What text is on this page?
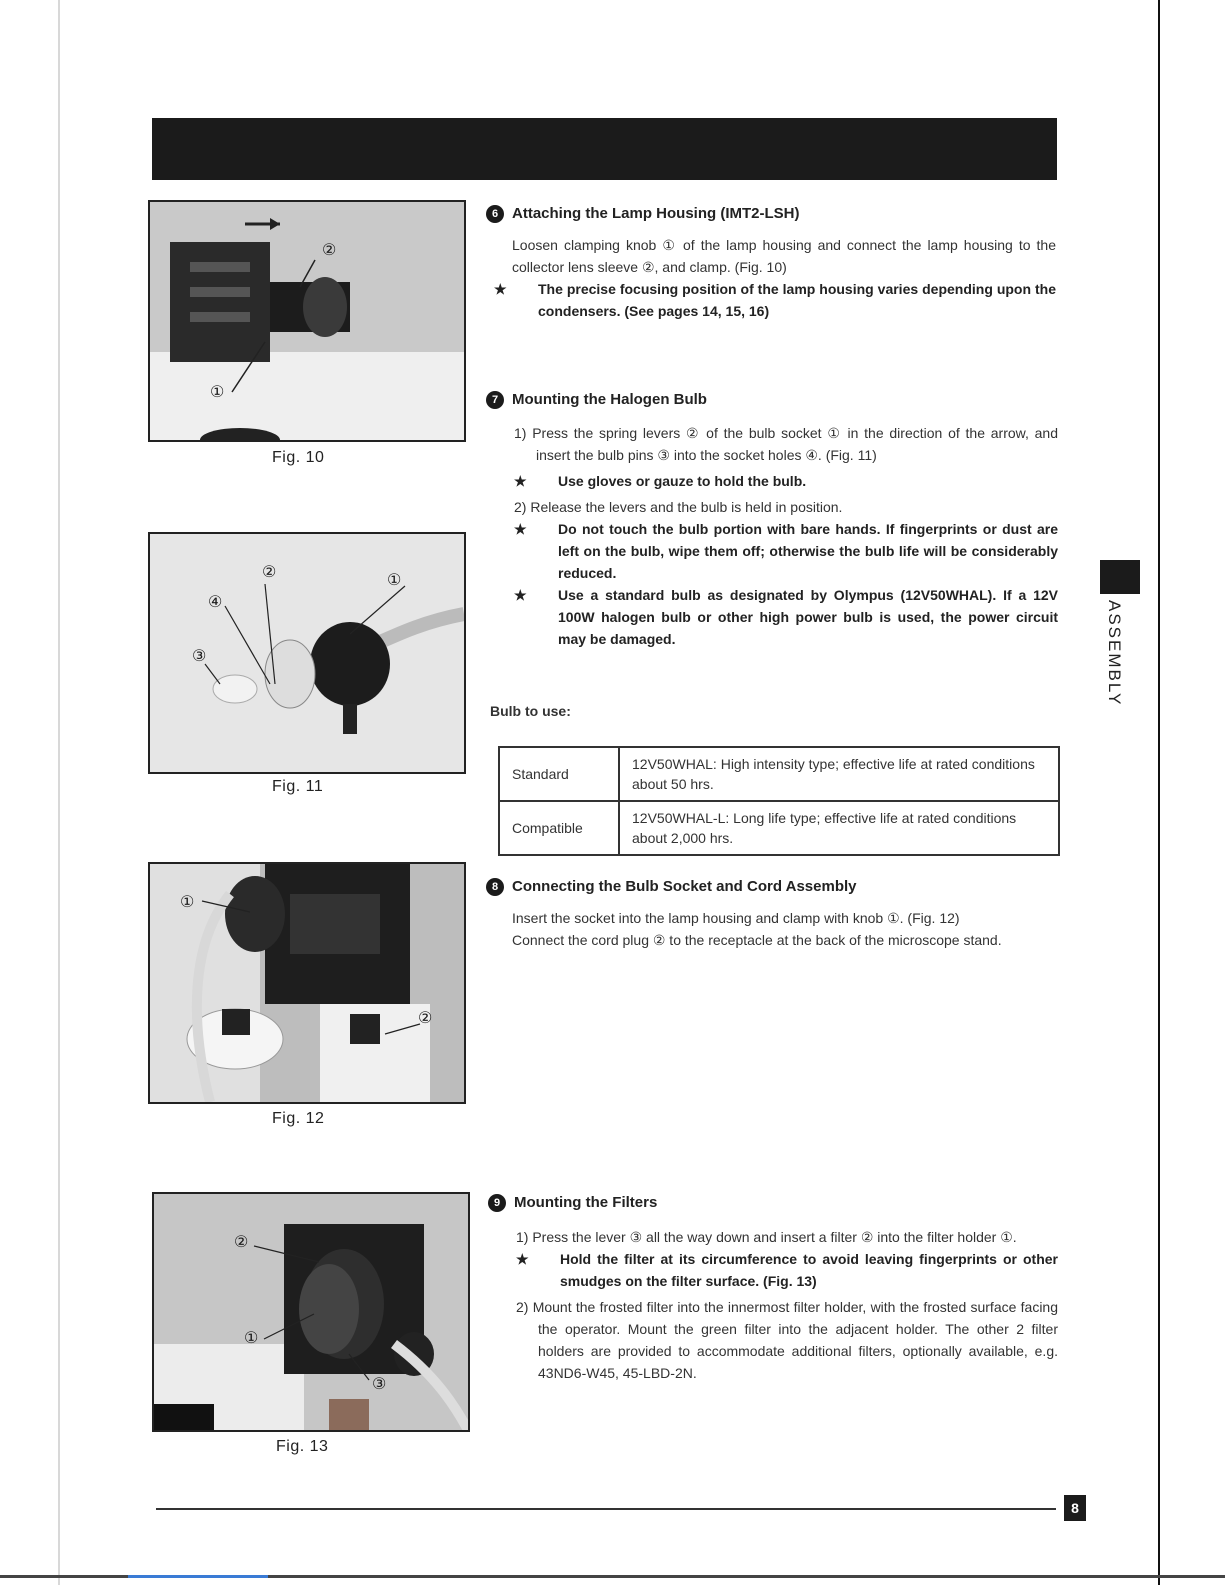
②
①
Fig. 10
②	①
④
③
Fig. 11
①
②
Fig. 12
②
①
③
Fig. 13
6 Attaching the Lamp Housing (IMT2-LSH)
Loosen clamping knob ① of the lamp housing and connect the lamp housing to the collector lens sleeve ②, and clamp. (Fig. 10)
★ The precise focusing position of the lamp housing varies depending upon the condensers. (See pages 14, 15, 16)
7 Mounting the Halogen Bulb
1) Press the spring levers ② of the bulb socket ① in the direction of the arrow, and insert the bulb pins ③ into the socket holes ④. (Fig. 11)
★ Use gloves or gauze to hold the bulb.
2) Release the levers and the bulb is held in position.
★ Do not touch the bulb portion with bare hands. If fingerprints or dust are left on the bulb, wipe them off; otherwise the bulb life will be considerably reduced.
★ Use a standard bulb as designated by Olympus (12V50WHAL). If a 12V 100W halogen bulb or other high power bulb is used, the power circuit may be damaged.
Bulb to use:
Standard	12V50WHAL: High intensity type; effective life at rated conditions about 50 hrs.
Compatible	12V50WHAL-L: Long life type; effective life at rated conditions about 2,000 hrs.
8 Connecting the Bulb Socket and Cord Assembly
Insert the socket into the lamp housing and clamp with knob ①. (Fig. 12)
Connect the cord plug ② to the receptacle at the back of the microscope stand.
9 Mounting the Filters
1) Press the lever ③ all the way down and insert a filter ② into the filter holder ①.
★ Hold the filter at its circumference to avoid leaving fingerprints or other smudges on the filter surface. (Fig. 13)
2) Mount the frosted filter into the innermost filter holder, with the frosted surface facing the operator. Mount the green filter into the adjacent holder. The other 2 filter holders are provided to accommodate additional filters, optionally available, e.g. 43ND6-W45, 45-LBD-2N.
ASSEMBLY
8
